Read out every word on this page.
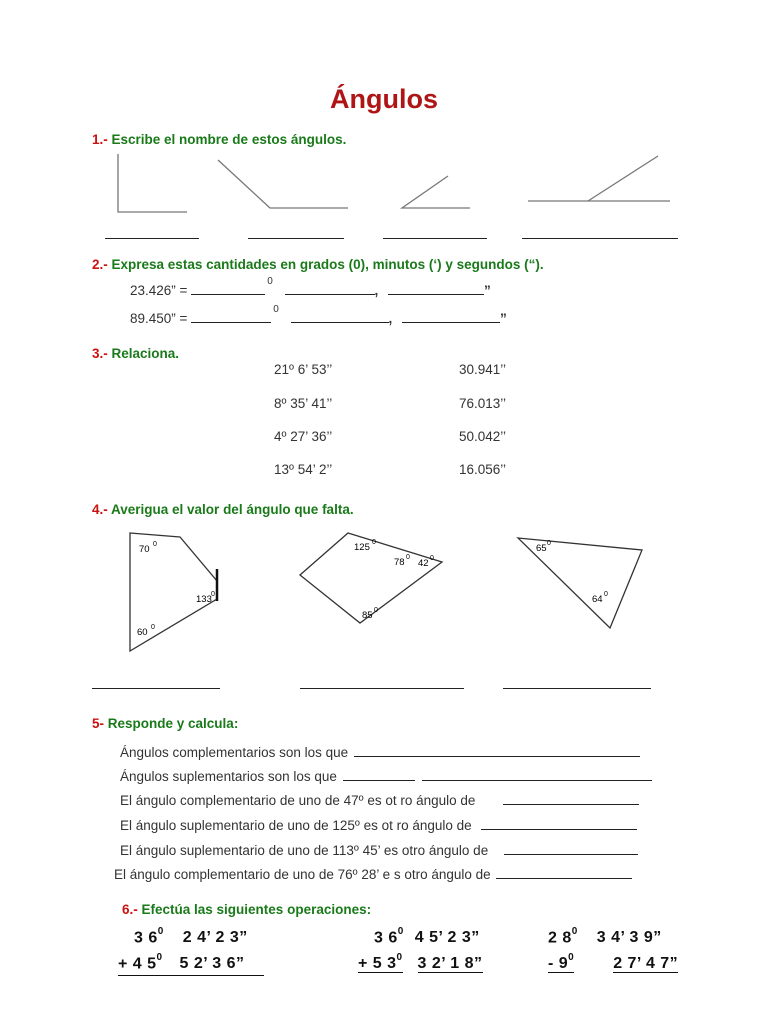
Ángulos
1.- Escribe el nombre de estos ángulos.
2.- Expresa estas cantidades en grados (0), minutos (‘) y segundos (“).
23.426” = $^0$ ,	”
89.450” = $^0$ ,	”
3.- Relaciona.
21º 6’ 53’’
8º 35’ 41’’
4º 27’ 36’’
13º 54’ 2’’
30.941’’
76.013’’
50.042’’
16.056’’
4.- Averigua el valor del ángulo que falta.
70 0
133 0
60 0
125 0
78 0
42 0
85 0
65 0
64 0
5- Responde y calcula:
Ángulos complementarios son los que
Ángulos suplementarios son los que
El ángulo complementario de uno de 47º es ot ro ángulo de
El ángulo suplementario de uno de 125º es ot ro ángulo de
El ángulo suplementario de uno de 113º 45’ es otro ángulo de
El ángulo complementario de uno de 76º 28’ e s otro ángulo de
6.- Efectúa las siguientes operaciones:
3 $6^0$ 2 4’ 2 3”
+ 4 $5^0$ 5 2’ 3 6”
3 $6^0$ 4 5’ 2 3”
+ 5 $3^0$ 3 2’ 1 8”
2 $8^0$ 3 4’ 3 9”
- $9^0$ 2 7’ 4 7”
